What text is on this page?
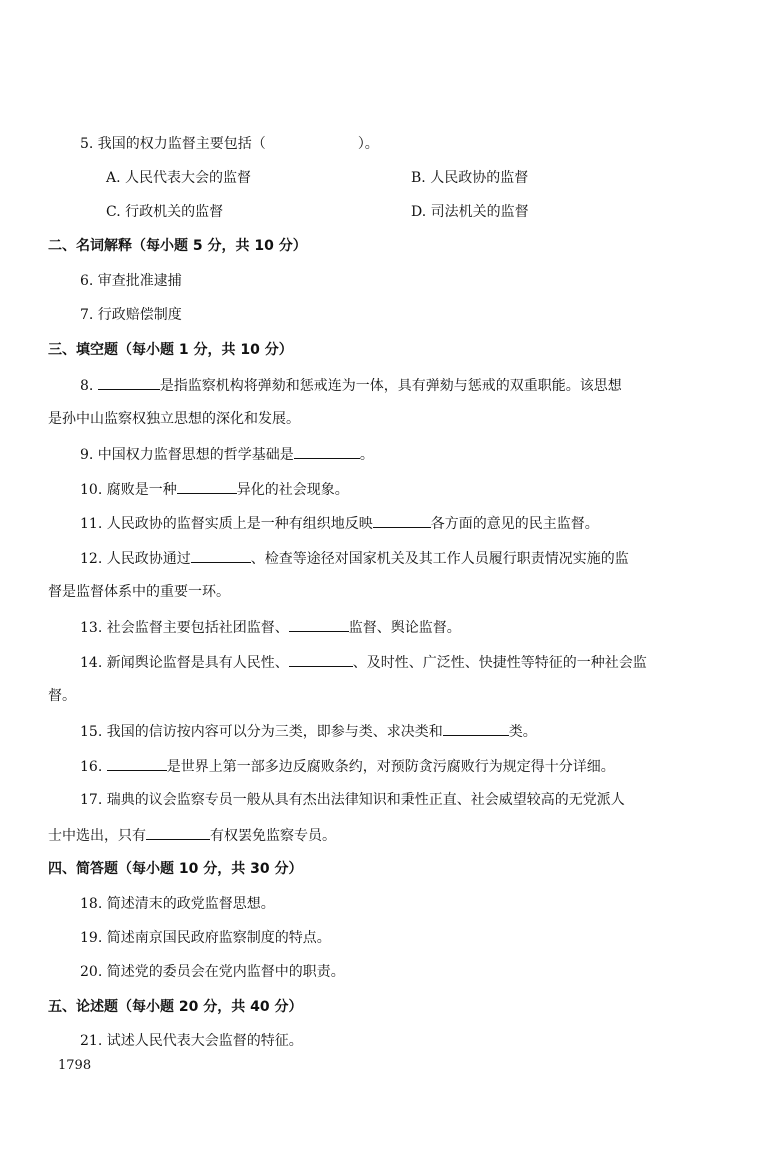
5. 我国的权力监督主要包括（	）。
A. 人民代表大会的监督	B. 人民政协的监督
C. 行政机关的监督	D. 司法机关的监督
二、名词解释（每小题 5 分，共 10 分）
6. 审查批准逮捕
7. 行政赔偿制度
三、填空题（每小题 1 分，共 10 分）
8.	是指监察机构将弹劾和惩戒连为一体，具有弹劾与惩戒的双重职能。该思想
是孙中山监察权独立思想的深化和发展。
9. 中国权力监督思想的哲学基础是	。
10. 腐败是一种	异化的社会现象。
11. 人民政协的监督实质上是一种有组织地反映	各方面的意见的民主监督。
12. 人民政协通过	、检查等途径对国家机关及其工作人员履行职责情况实施的监
督是监督体系中的重要一环。
13. 社会监督主要包括社团监督、	监督、舆论监督。
14. 新闻舆论监督是具有人民性、	、及时性、广泛性、快捷性等特征的一种社会监
督。
15. 我国的信访按内容可以分为三类，即参与类、求决类和	类。
16.	是世界上第一部多边反腐败条约，对预防贪污腐败行为规定得十分详细。
17. 瑞典的议会监察专员一般从具有杰出法律知识和秉性正直、社会威望较高的无党派人
士中选出，只有	有权罢免监察专员。
四、简答题（每小题 10 分，共 30 分）
18. 简述清末的政党监督思想。
19. 简述南京国民政府监察制度的特点。
20. 简述党的委员会在党内监督中的职责。
五、论述题（每小题 20 分，共 40 分）
21. 试述人民代表大会监督的特征。
1798
